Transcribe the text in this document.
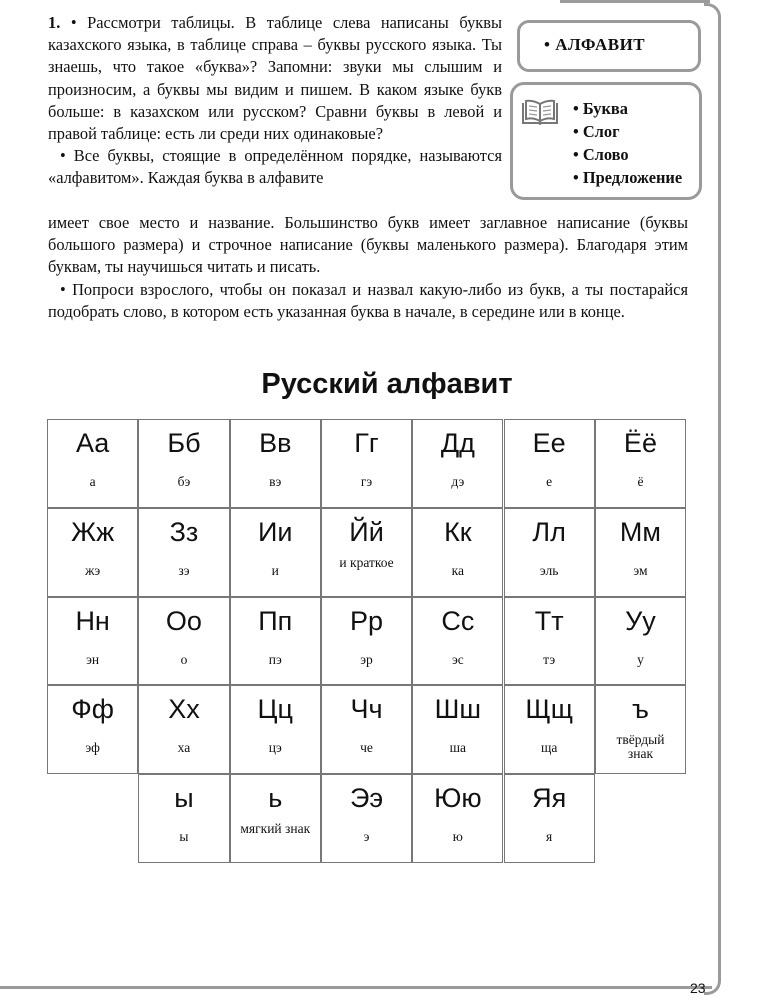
1. • Рассмотри таблицы. В таблице слева написаны буквы казахского языка, в таблице справа – буквы русского языка. Ты знаешь, что такое «буква»? Запомни: звуки мы слышим и произносим, а буквы мы видим и пишем. В каком языке букв больше: в казахском или русском? Сравни буквы в левой и правой таблице: есть ли среди них одинаковые?

• Все буквы, стоящие в определённом порядке, называются «алфавитом». Каждая буква в алфавите

имеет свое место и название. Большинство букв имеет заглавное написание (буквы большого размера) и строчное написание (буквы маленького размера). Благодаря этим буквам, ты научишься читать и писать.

• Попроси взрослого, чтобы он показал и назвал какую-либо из букв, а ты постарайся подобрать слово, в котором есть указанная буква в начале, в середине или в конце.

• АЛФАВИТ
• Буква
• Слог
• Слово
• Предложение
Русский алфавит
Аа
а
Бб
бэ
Вв
вэ
Гг
гэ
Дд
дэ
Ее
е
Ёё
ё
Жж
жэ
Зз
зэ
Ии
и
Йй
и краткое
Кк
ка
Лл
эль
Мм
эм
Нн
эн
Оо
о
Пп
пэ
Рр
эр
Сс
эс
Тт
тэ
Уу
у
Фф
эф
Хх
ха
Цц
цэ
Чч
че
Шш
ша
Щщ
ща
ъ
твёрдый знак
ы
ы
ь
мягкий знак
Ээ
э
Юю
ю
Яя
я
23
